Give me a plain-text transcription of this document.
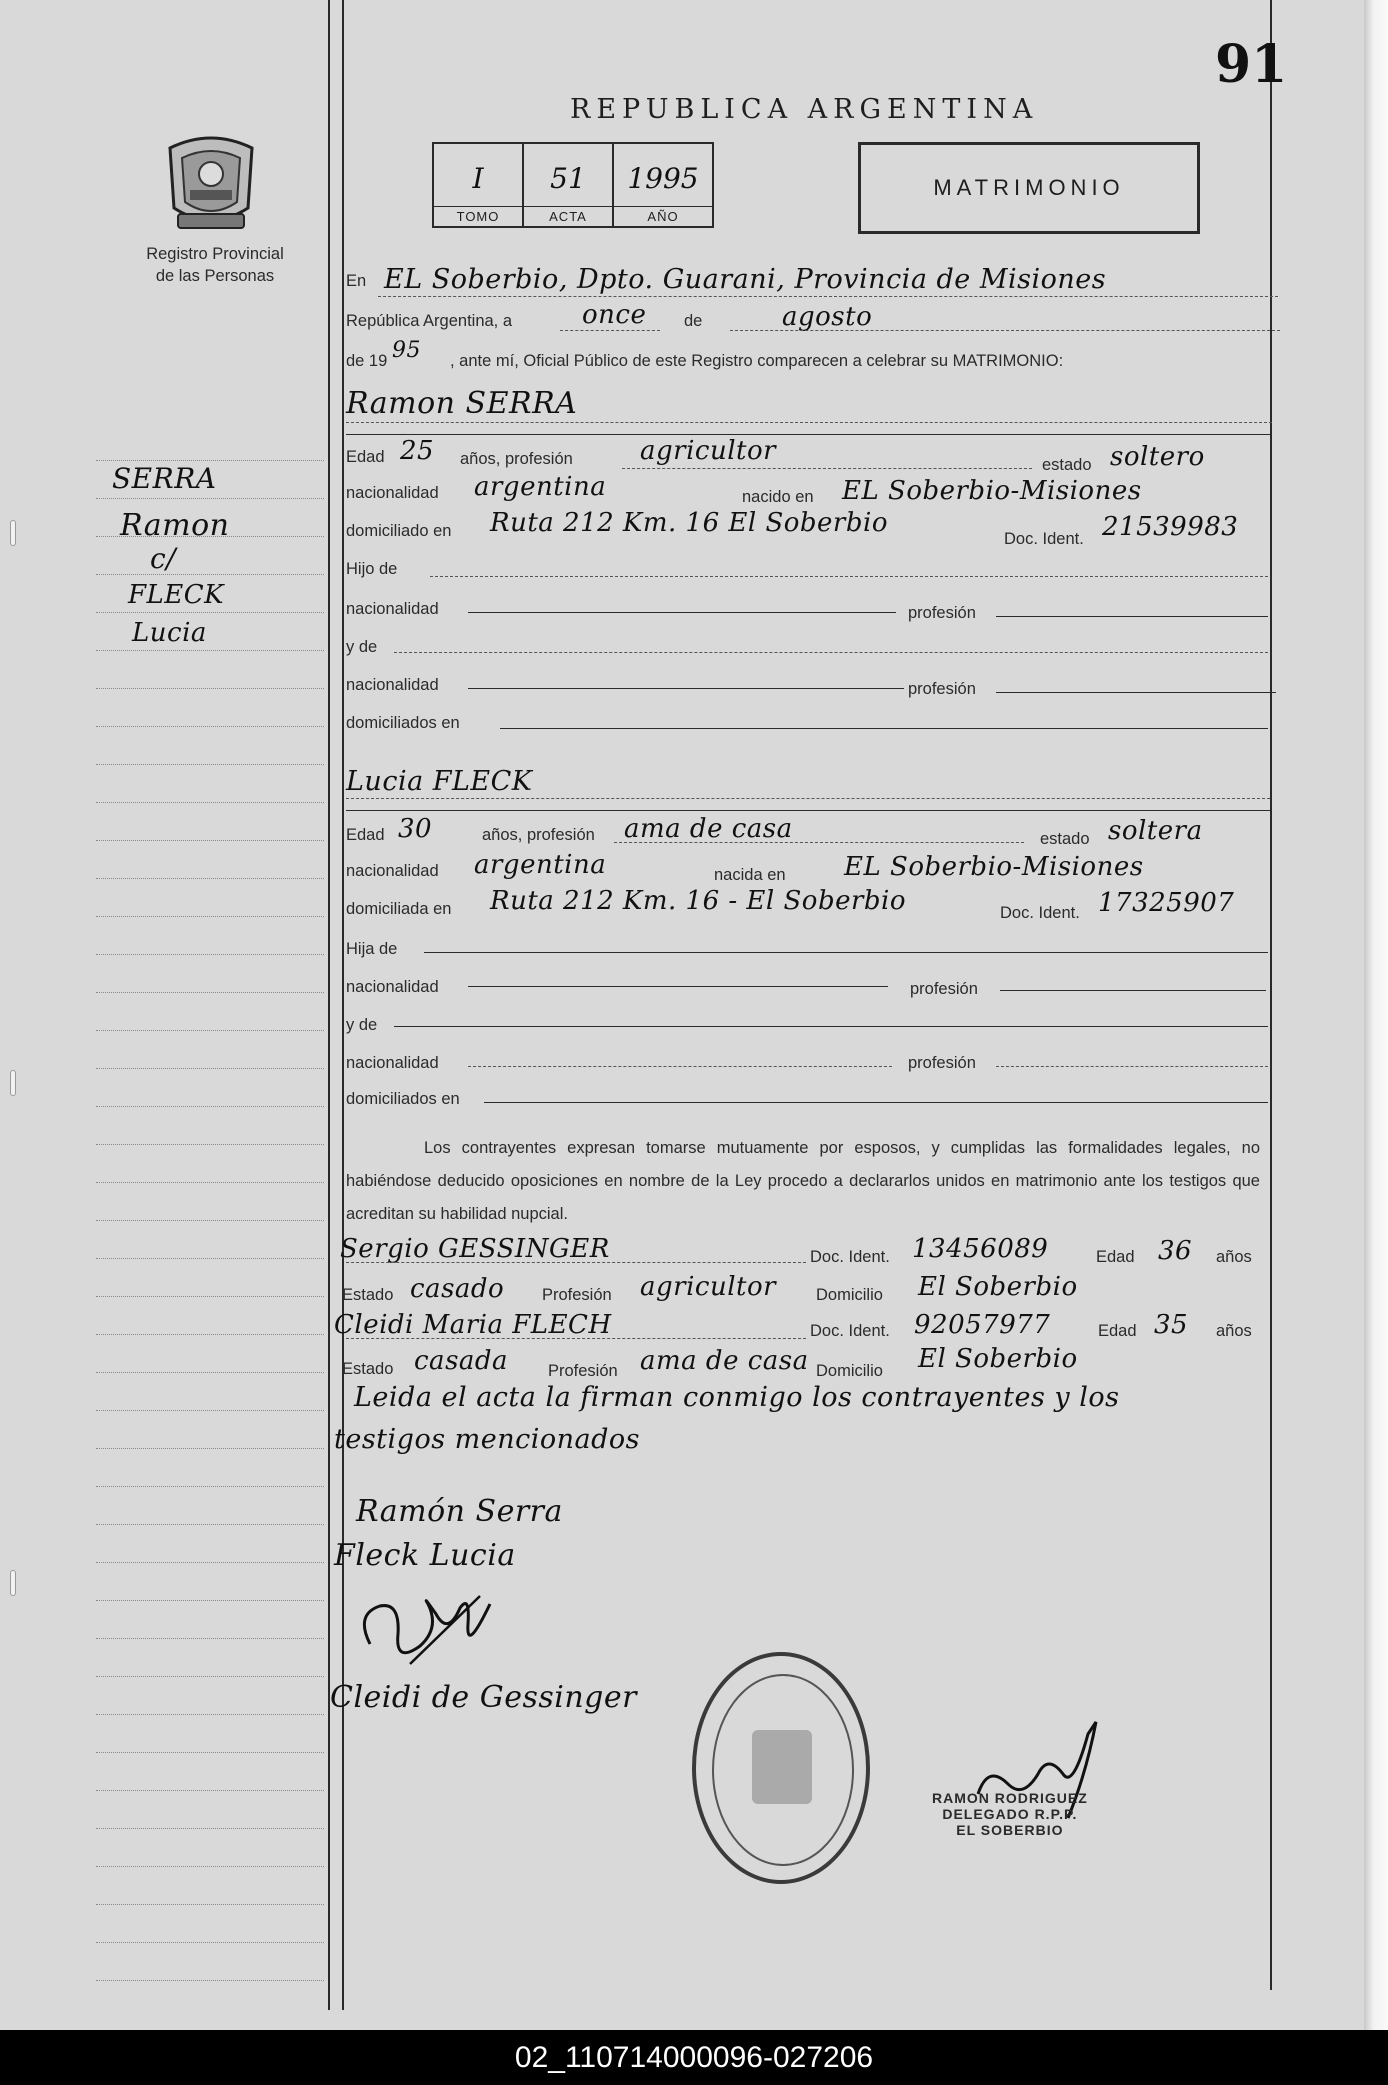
91
REPUBLICA ARGENTINA
Registro Provincial
de las Personas
I
TOMO
51
ACTA
1995
AÑO
MATRIMONIO
SERRA
Ramon
c/
FLECK
Lucia
En EL Soberbio, Dpto. Guarani, Provincia de Misiones
República Argentina, a	once de	agosto
de 19 95 , ante mí, Oficial Público de este Registro comparecen a celebrar su MATRIMONIO:
Ramon SERRA
Edad 25 años, profesión	agricultor	estado soltero
nacionalidad argentina	nacido en EL Soberbio-Misiones
domiciliado en Ruta 212 Km. 16 El Soberbio
Doc. Ident. 21539983
Hijo de
nacionalidad	profesión
y de
nacionalidad	profesión
domiciliados en
Lucia FLECK
Edad 30	años, profesión ama de casa	estado soltera
nacionalidad argentina	nacida en EL Soberbio-Misiones
domiciliada en Ruta 212 Km. 16 - El Soberbio	Doc. Ident. 17325907
Hija de
nacionalidad	profesión
y de
nacionalidad	profesión
domiciliados en
Los contrayentes expresan tomarse mutuamente por esposos, y cumplidas las formalidades legales, no habiéndose deducido oposiciones en nombre de la Ley procedo a declararlos unidos en matrimonio ante los testigos que acreditan su habilidad nupcial.
Sergio GESSINGER	Doc. Ident. 13456089	Edad 36 años
Estado casado Profesión agricultor Domicilio El Soberbio
Cleidi Maria FLECH	Doc. Ident. 92057977	Edad 35 años
Estado casada Profesión ama de casa Domicilio El Soberbio
Leida el acta la firman conmigo los contrayentes y los
testigos mencionados
Ramón Serra
Fleck Lucia
Cleidi de Gessinger
RAMON RODRIGUEZ
DELEGADO R.P.P.
EL SOBERBIO
02_110714000096-027206
